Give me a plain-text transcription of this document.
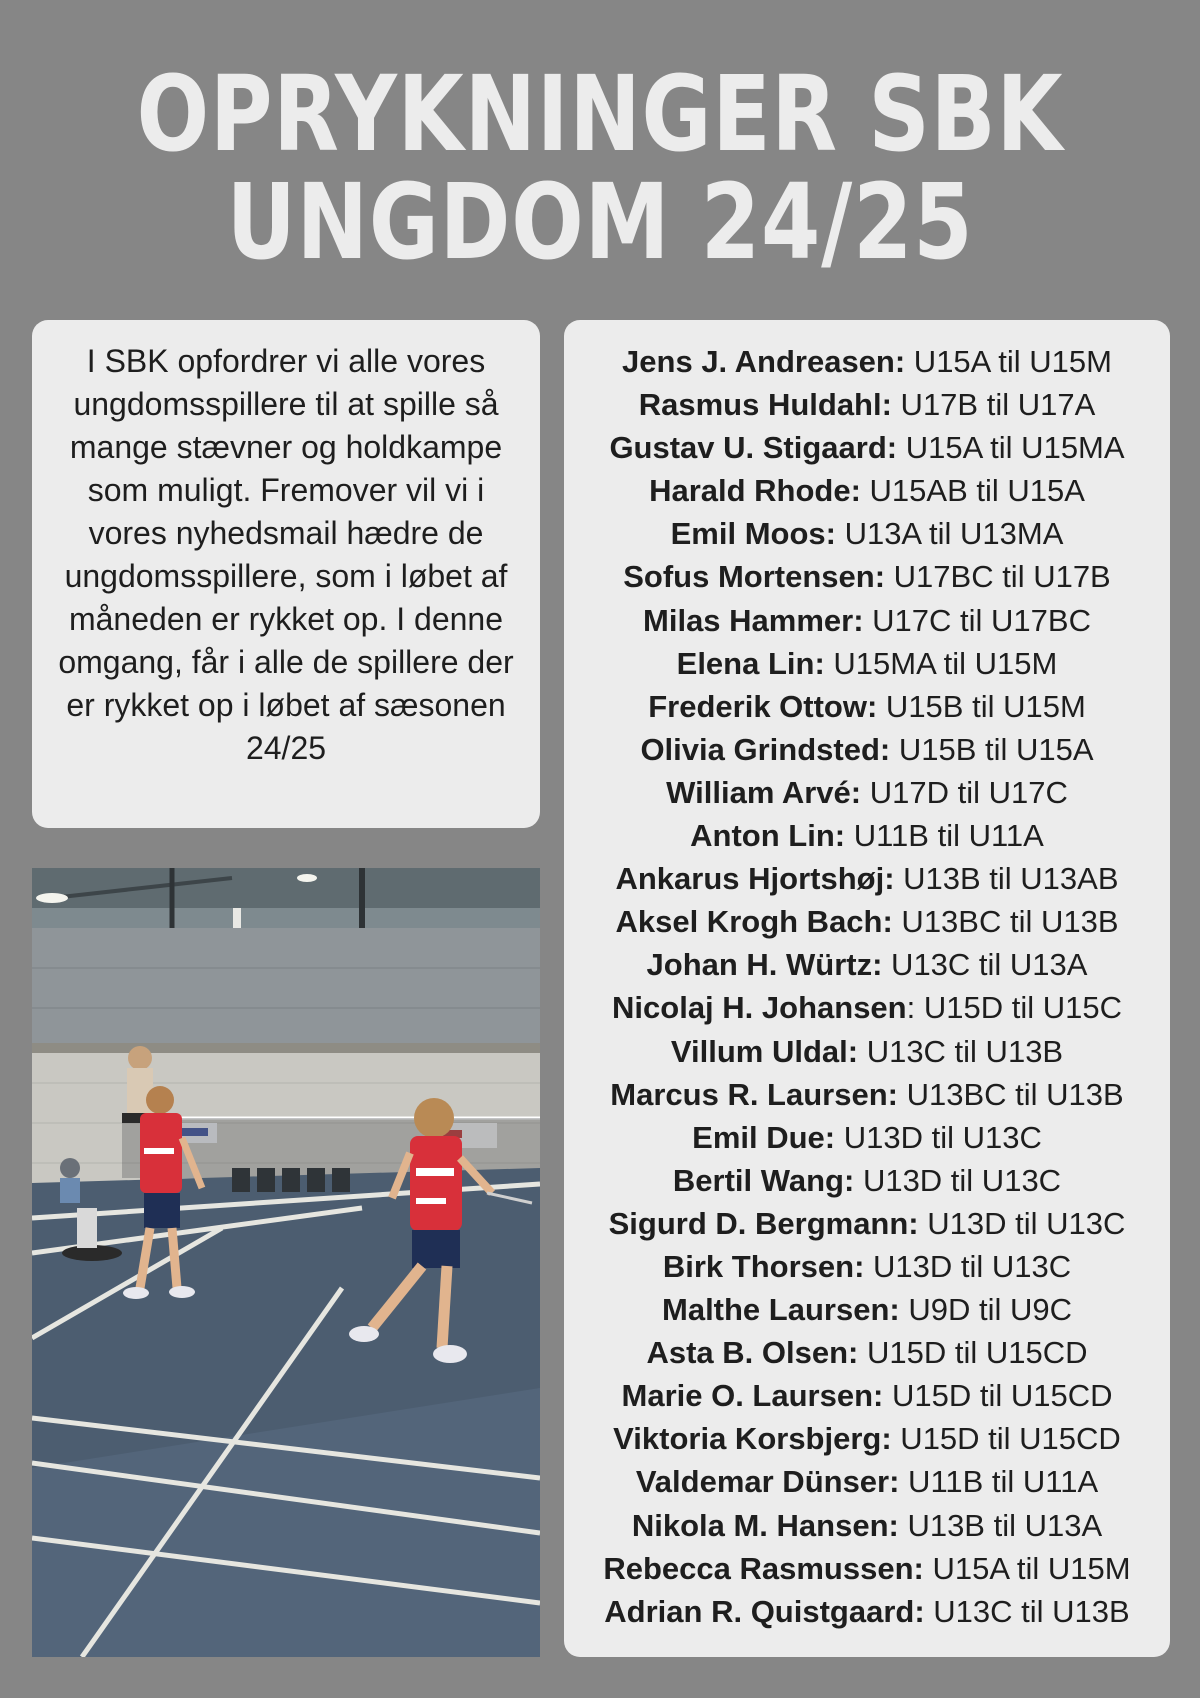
OPRYKNINGER SBK
UNGDOM 24/25
I SBK opfordrer vi alle vores ungdomsspillere til at spille så mange stævner og holdkampe som muligt. Fremover vil vi i vores nyhedsmail hædre de ungdomsspillere, som i løbet af måneden er rykket op. I denne omgang, får i alle de spillere der er rykket op i løbet af sæsonen 24/25
Jens J. Andreasen: U15A til U15M
Rasmus Huldahl: U17B til U17A
Gustav U. Stigaard: U15A til U15MA
Harald Rhode: U15AB til U15A
Emil Moos: U13A til U13MA
Sofus Mortensen: U17BC til U17B
Milas Hammer: U17C til U17BC
Elena Lin: U15MA til U15M
Frederik Ottow: U15B til U15M
Olivia Grindsted: U15B til U15A
William Arvé: U17D til U17C
Anton Lin: U11B til U11A
Ankarus Hjortshøj: U13B til U13AB
Aksel Krogh Bach: U13BC til U13B
Johan H. Würtz: U13C til U13A
Nicolaj H. Johansen: U15D til U15C
Villum Uldal: U13C til U13B
Marcus R. Laursen: U13BC til U13B
Emil Due: U13D til U13C
Bertil Wang: U13D til U13C
Sigurd D. Bergmann: U13D til U13C
Birk Thorsen: U13D til U13C
Malthe Laursen: U9D til U9C
Asta B. Olsen: U15D til U15CD
Marie O. Laursen: U15D til U15CD
Viktoria Korsbjerg: U15D til U15CD
Valdemar Dünser: U11B til U11A
Nikola M. Hansen: U13B til U13A
Rebecca Rasmussen: U15A til U15M
Adrian R. Quistgaard: U13C til U13B
